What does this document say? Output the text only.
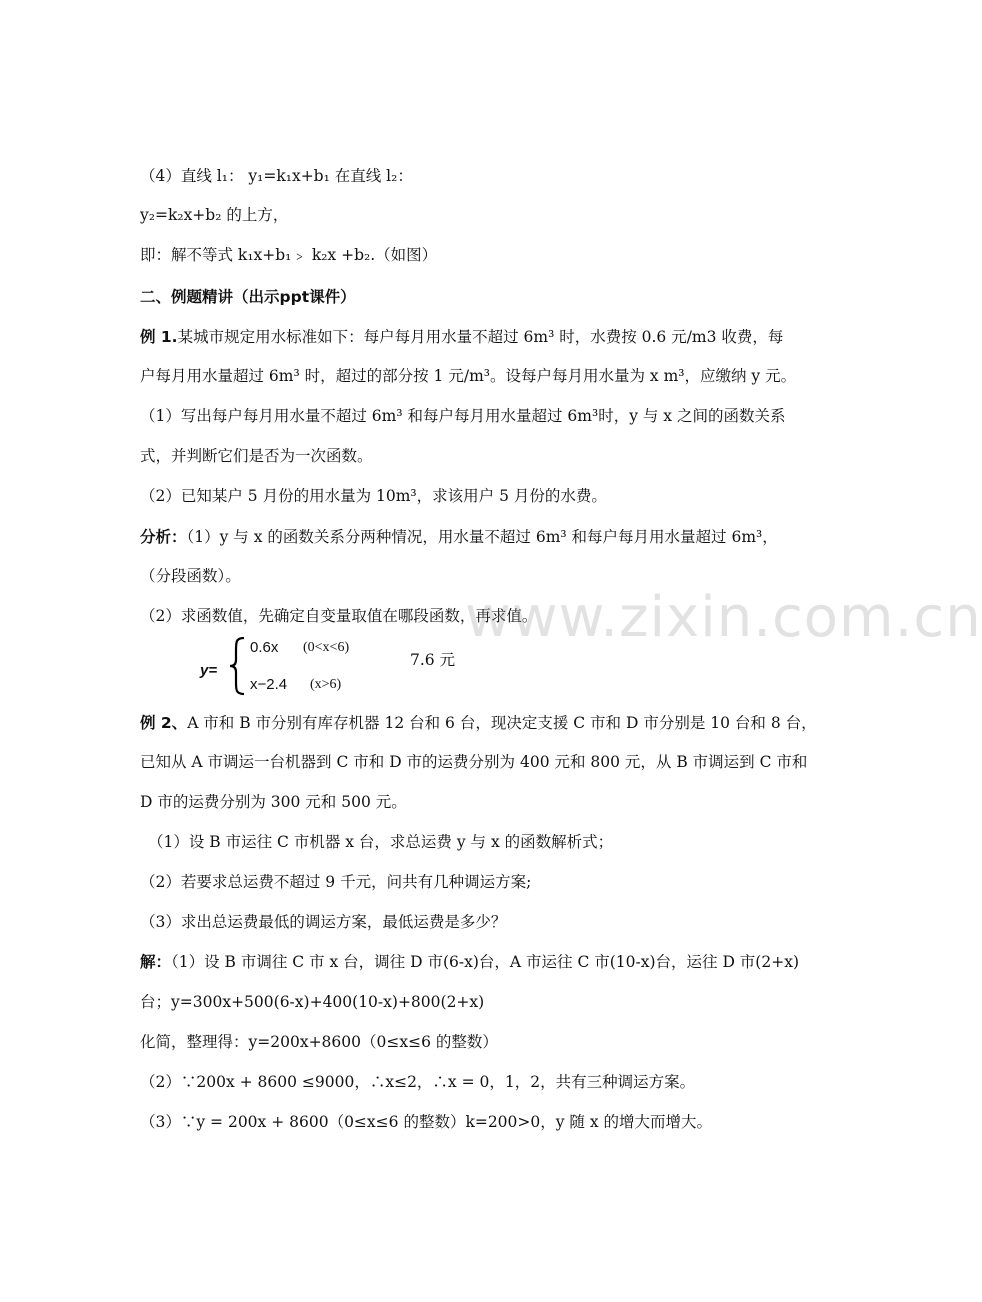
（4）直线 l₁： y₁=k₁x+b₁ 在直线 l₂：
y₂=k₂x+b₂ 的上方，
即：解不等式 k₁x+b₁﹥ k₂x +b₂.（如图）
二、例题精讲（出示ppt课件）
例 1.某城市规定用水标准如下：每户每月用水量不超过 6m³ 时，水费按 0.6 元/m3 收费，每
户每月用水量超过 6m³ 时，超过的部分按 1 元/m³。设每户每月用水量为 x m³，应缴纳 y 元。
（1）写出每户每月用水量不超过 6m³ 和每户每月用水量超过 6m³时，y 与 x 之间的函数关系
式，并判断它们是否为一次函数。
（2）已知某户 5 月份的用水量为 10m³，求该用户 5 月份的水费。
分析：（1）y 与 x 的函数关系分两种情况，用水量不超过 6m³ 和每户每月用水量超过 6m³，
（分段函数）。
（2）求函数值，先确定自变量取值在哪段函数，再求值。
y=
0.6x (0<x<6)
x−2.4 (x>6)
7.6 元
例 2、A 市和 B 市分别有库存机器 12 台和 6 台，现决定支援 C 市和 D 市分别是 10 台和 8 台，
已知从 A 市调运一台机器到 C 市和 D 市的运费分别为 400 元和 800 元，从 B 市调运到 C 市和
D 市的运费分别为 300 元和 500 元。
（1）设 B 市运往 C 市机器 x 台，求总运费 y 与 x 的函数解析式；
（2）若要求总运费不超过 9 千元，问共有几种调运方案;
（3）求出总运费最低的调运方案，最低运费是多少？
解：（1）设 B 市调往 C 市 x 台，调往 D 市(6-x)台，A 市运往 C 市(10-x)台，运往 D 市(2+x)
台；y=300x+500(6-x)+400(10-x)+800(2+x)
化简，整理得：y=200x+8600（0≤x≤6 的整数）
（2）∵200x + 8600 ≤9000，∴x≤2，∴x = 0，1，2，共有三种调运方案。
（3）∵y = 200x + 8600（0≤x≤6 的整数）k=200>0，y 随 x 的增大而增大。
www.zixin.com.cn
